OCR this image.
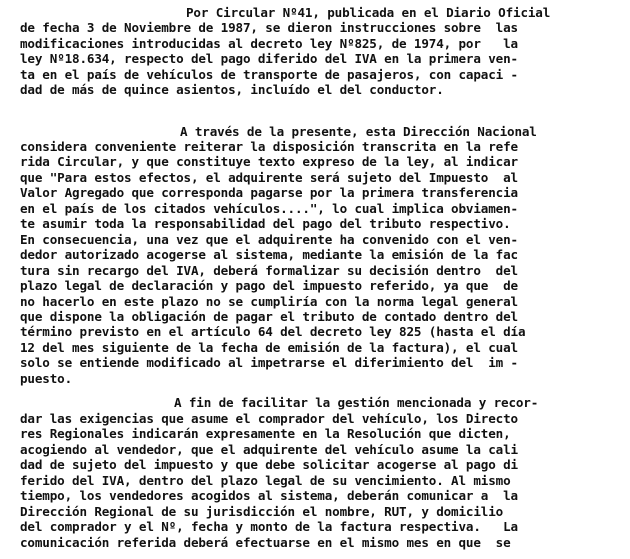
Por Circular Nº41, publicada en el Diario Oficial
de fecha 3 de Noviembre de 1987, se dieron instrucciones sobre  las
modificaciones introducidas al decreto ley Nº825, de 1974, por   la
ley Nº18.634, respecto del pago diferido del IVA en la primera ven-
ta en el país de vehículos de transporte de pasajeros, con capaci -
dad de más de quince asientos, incluído el del conductor.
A través de la presente, esta Dirección Nacional
considera conveniente reiterar la disposición transcrita en la refe
rida Circular, y que constituye texto expreso de la ley, al indicar
que "Para estos efectos, el adquirente será sujeto del Impuesto  al
Valor Agregado que corresponda pagarse por la primera transferencia
en el país de los citados vehículos....", lo cual implica obviamen-
te asumir toda la responsabilidad del pago del tributo respectivo.
En consecuencia, una vez que el adquirente ha convenido con el ven-
dedor autorizado acogerse al sistema, mediante la emisión de la fac
tura sin recargo del IVA, deberá formalizar su decisión dentro  del
plazo legal de declaración y pago del impuesto referido, ya que  de
no hacerlo en este plazo no se cumpliría con la norma legal general
que dispone la obligación de pagar el tributo de contado dentro del
término previsto en el artículo 64 del decreto ley 825 (hasta el día
12 del mes siguiente de la fecha de emisión de la factura), el cual
solo se entiende modificado al impetrarse el diferimiento del  im -
puesto.
A fin de facilitar la gestión mencionada y recor-
dar las exigencias que asume el comprador del vehículo, los Directo
res Regionales indicarán expresamente en la Resolución que dicten,
acogiendo al vendedor, que el adquirente del vehículo asume la cali
dad de sujeto del impuesto y que debe solicitar acogerse al pago di
ferido del IVA, dentro del plazo legal de su vencimiento. Al mismo
tiempo, los vendedores acogidos al sistema, deberán comunicar a  la
Dirección Regional de su jurisdicción el nombre, RUT, y domicilio
del comprador y el Nº, fecha y monto de la factura respectiva.   La
comunicación referida deberá efectuarse en el mismo mes en que  se
